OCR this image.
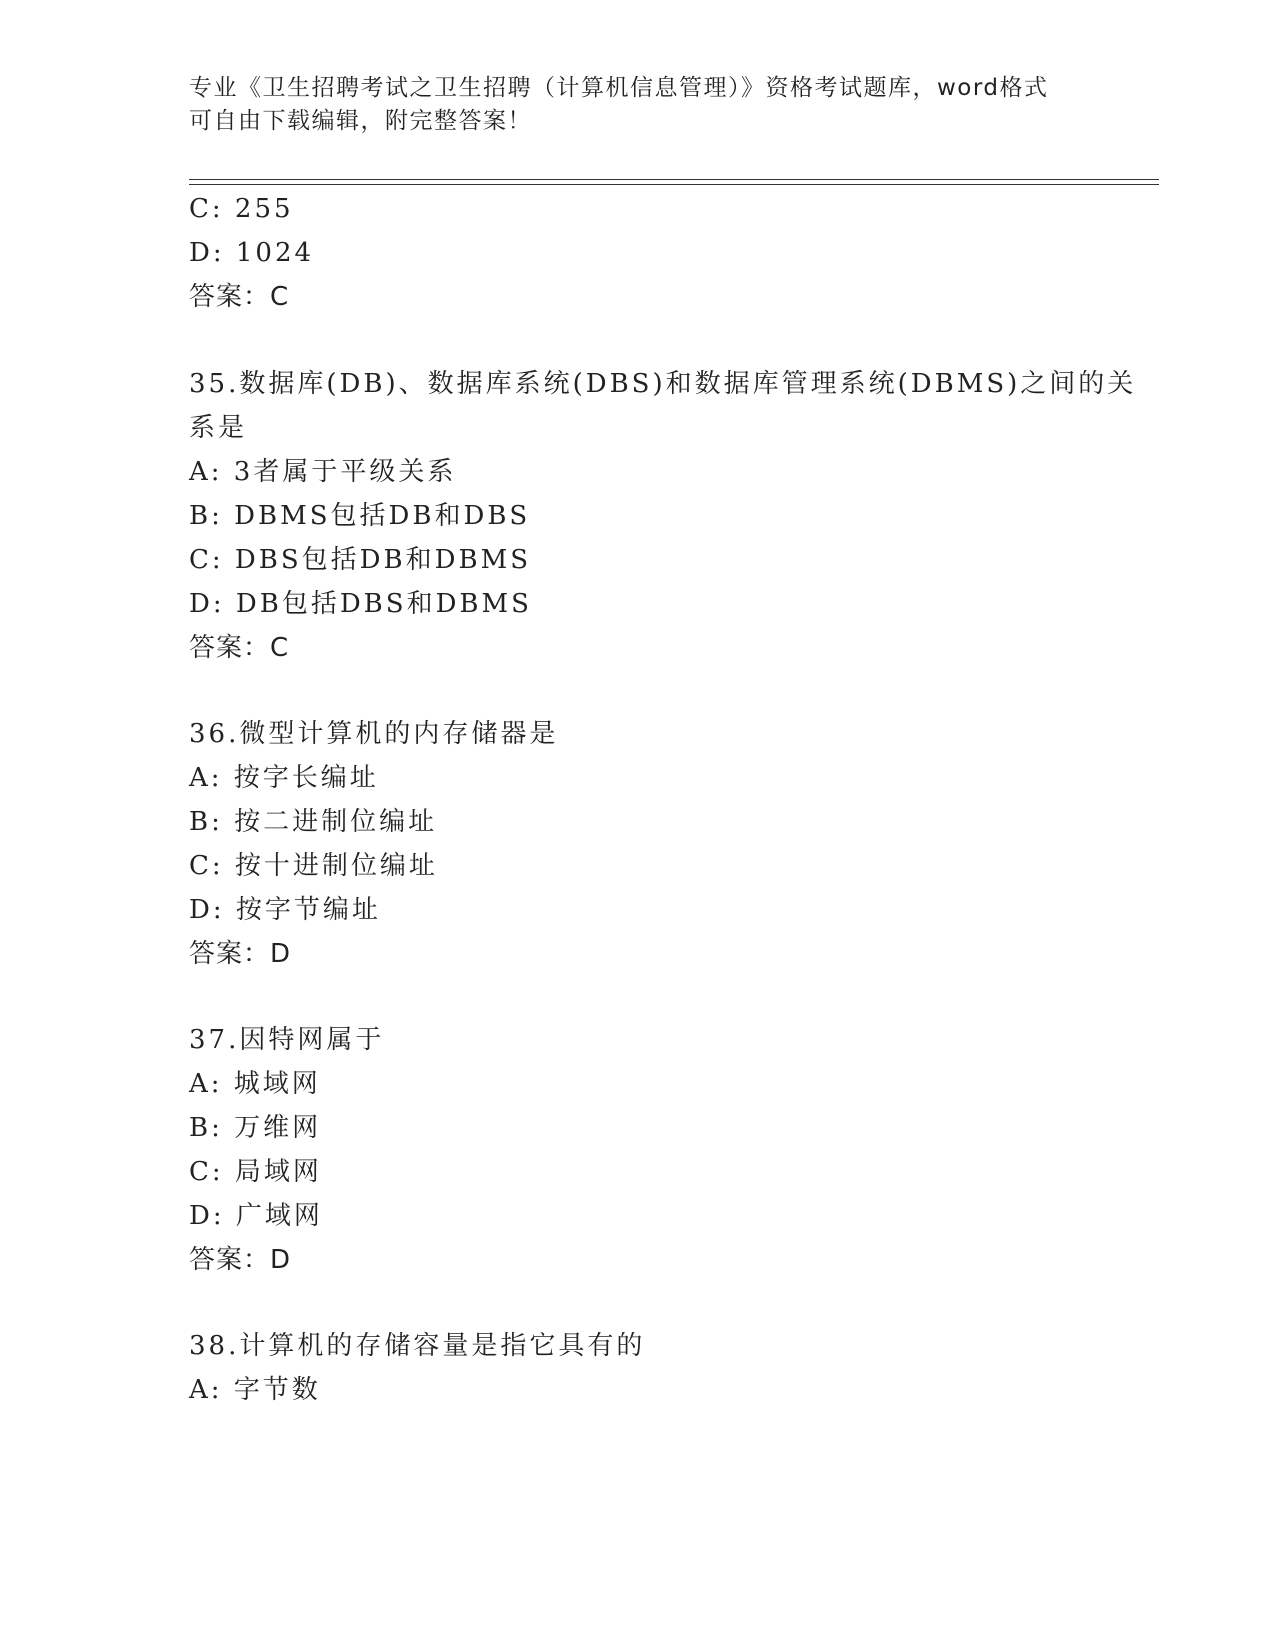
专业《卫生招聘考试之卫生招聘（计算机信息管理）》资格考试题库，word格式
可自由下载编辑，附完整答案！
C: 255
D: 1024
答案：C
35.数据库(DB)、数据库系统(DBS)和数据库管理系统(DBMS)之间的关
系是
A: 3者属于平级关系
B: DBMS包括DB和DBS
C: DBS包括DB和DBMS
D: DB包括DBS和DBMS
答案：C
36.微型计算机的内存储器是
A: 按字长编址
B: 按二进制位编址
C: 按十进制位编址
D: 按字节编址
答案：D
37.因特网属于
A: 城域网
B: 万维网
C: 局域网
D: 广域网
答案：D
38.计算机的存储容量是指它具有的
A: 字节数
